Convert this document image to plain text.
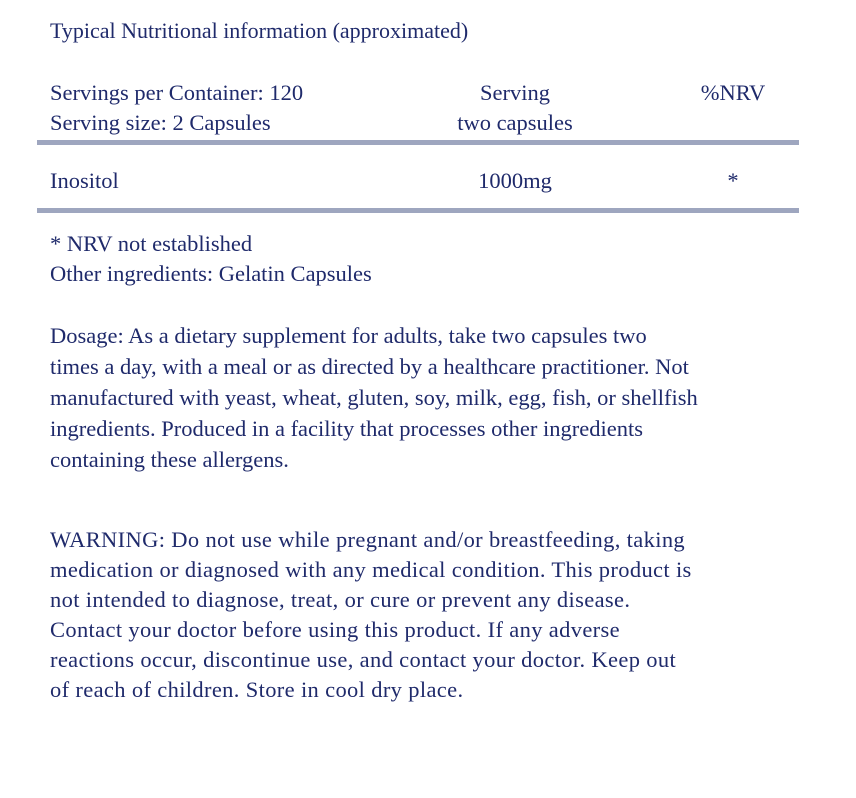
Typical Nutritional information (approximated)
Servings per Container: 120
Serving size: 2 Capsules
Serving
two capsules
%NRV
Inositol	1000mg	*
* NRV not established
Other ingredients: Gelatin Capsules
Dosage: As a dietary supplement for adults, take two capsules two
times a day, with a meal or as directed by a healthcare practitioner. Not
manufactured with yeast, wheat, gluten, soy, milk, egg, fish, or shellfish
ingredients. Produced in a facility that processes other ingredients
containing these allergens.
WARNING: Do not use while pregnant and/or breastfeeding, taking
medication or diagnosed with any medical condition. This product is
not intended to diagnose, treat, or cure or prevent any disease.
Contact your doctor before using this product. If any adverse
reactions occur, discontinue use, and contact your doctor. Keep out
of reach of children. Store in cool dry place.
